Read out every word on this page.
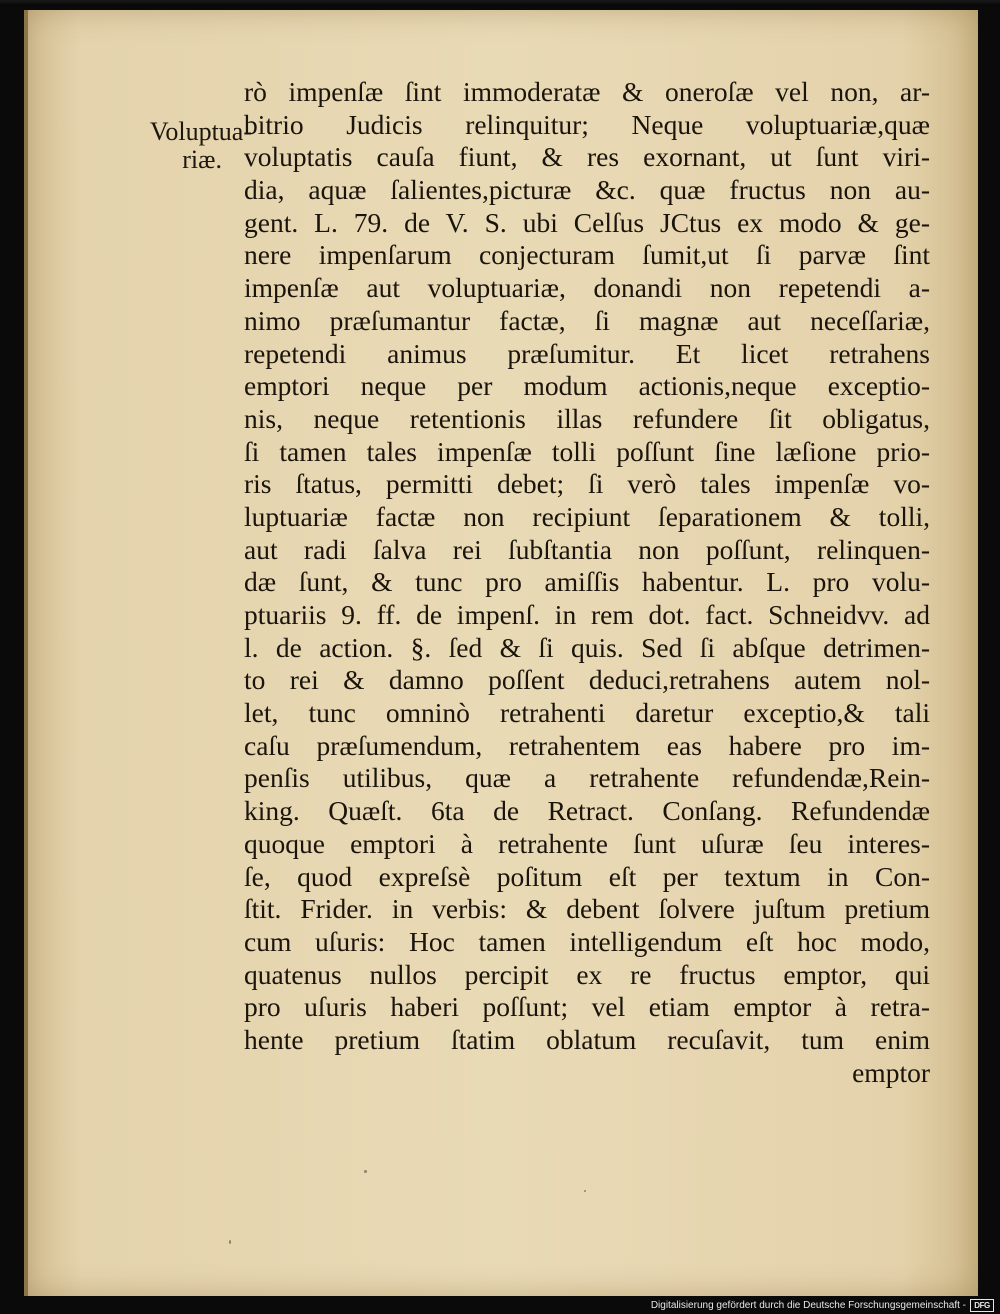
Voluptua-
riæ.
rò impenſæ ſint immoderatæ & oneroſæ vel non, ar-
bitrio Judicis relinquitur; Neque voluptuariæ,quæ
voluptatis cauſa fiunt, & res exornant, ut ſunt viri-
dia, aquæ ſalientes,picturæ &c. quæ fructus non au-
gent. L. 79. de V. S. ubi Celſus JCtus ex modo & ge-
nere impenſarum conjecturam ſumit,ut ſi parvæ ſint
impenſæ aut voluptuariæ, donandi non repetendi a-
nimo præſumantur factæ, ſi magnæ aut neceſſariæ,
repetendi animus præſumitur. Et licet retrahens
emptori neque per modum actionis,neque exceptio-
nis, neque retentionis illas refundere ſit obligatus,
ſi tamen tales impenſæ tolli poſſunt ſine læſione prio-
ris ſtatus, permitti debet; ſi verò tales impenſæ vo-
luptuariæ factæ non recipiunt ſeparationem & tolli,
aut radi ſalva rei ſubſtantia non poſſunt, relinquen-
dæ ſunt, & tunc pro amiſſis habentur. L. pro volu-
ptuariis 9. ff. de impenſ. in rem dot. fact. Schneidvv. ad
l. de action. §. ſed & ſi quis. Sed ſi abſque detrimen-
to rei & damno poſſent deduci,retrahens autem nol-
let, tunc omninò retrahenti daretur exceptio,& tali
caſu præſumendum, retrahentem eas habere pro im-
penſis utilibus, quæ a retrahente refundendæ,Rein-
king. Quæſt. 6ta de Retract. Conſang. Refundendæ
quoque emptori à retrahente ſunt uſuræ ſeu interes-
ſe, quod expreſsè poſitum eſt per textum in Con-
ſtit. Frider. in verbis: & debent ſolvere juſtum pretium
cum uſuris: Hoc tamen intelligendum eſt hoc modo,
quatenus nullos percipit ex re fructus emptor, qui
pro uſuris haberi poſſunt; vel etiam emptor à retra-
hente pretium ſtatim oblatum recuſavit, tum enim
emptor
Digitalisierung gefördert durch die Deutsche Forschungsgemeinschaft -	DFG
